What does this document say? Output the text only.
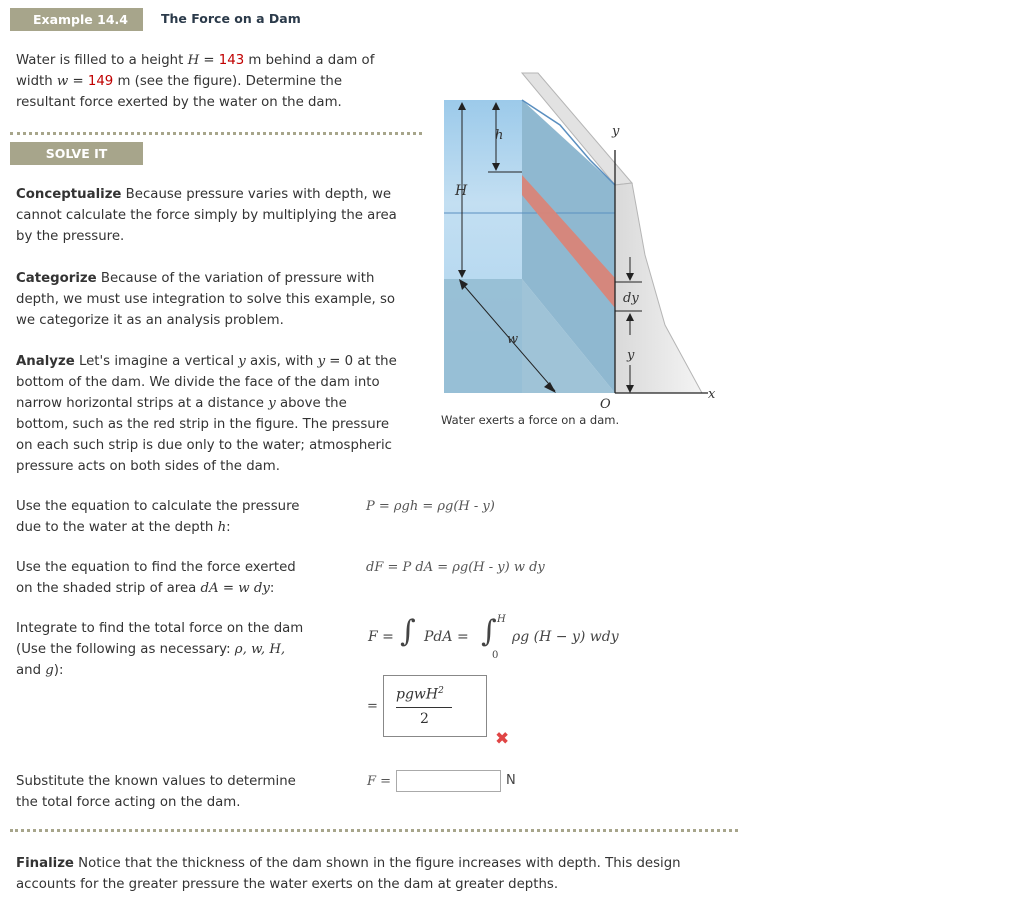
Example 14.4	The Force on a Dam
Water is filled to a height H = 143 m behind a dam of
width w = 149 m (see the figure). Determine the
resultant force exerted by the water on the dam.
SOLVE IT
Conceptualize Because pressure varies with depth, we
cannot calculate the force simply by multiplying the area
by the pressure.
Categorize Because of the variation of pressure with
depth, we must use integration to solve this example, so
we categorize it as an analysis problem.
Analyze Let's imagine a vertical y axis, with y = 0 at the
bottom of the dam. We divide the face of the dam into
narrow horizontal strips at a distance y above the
bottom, such as the red strip in the figure. The pressure
on each such strip is due only to the water; atmospheric
pressure acts on both sides of the dam.
h
H
w
y
dy
y
O
x
Water exerts a force on a dam.
Use the equation to calculate the pressure
due to the water at the depth h:
P = ρgh = ρg(H - y)
Use the equation to find the force exerted
on the shaded strip of area dA = w dy:
dF = P dA = ρg(H - y) w dy
Integrate to find the total force on the dam
(Use the following as necessary: ρ, w, H,
and g):
F = ∫ PdA = ∫ H
0
ρg (H − y) wdy
=
pgwH$^2$
2
✖
Substitute the known values to determine
the total force acting on the dam.
F =	N
Finalize Notice that the thickness of the dam shown in the figure increases with depth. This design
accounts for the greater pressure the water exerts on the dam at greater depths.
